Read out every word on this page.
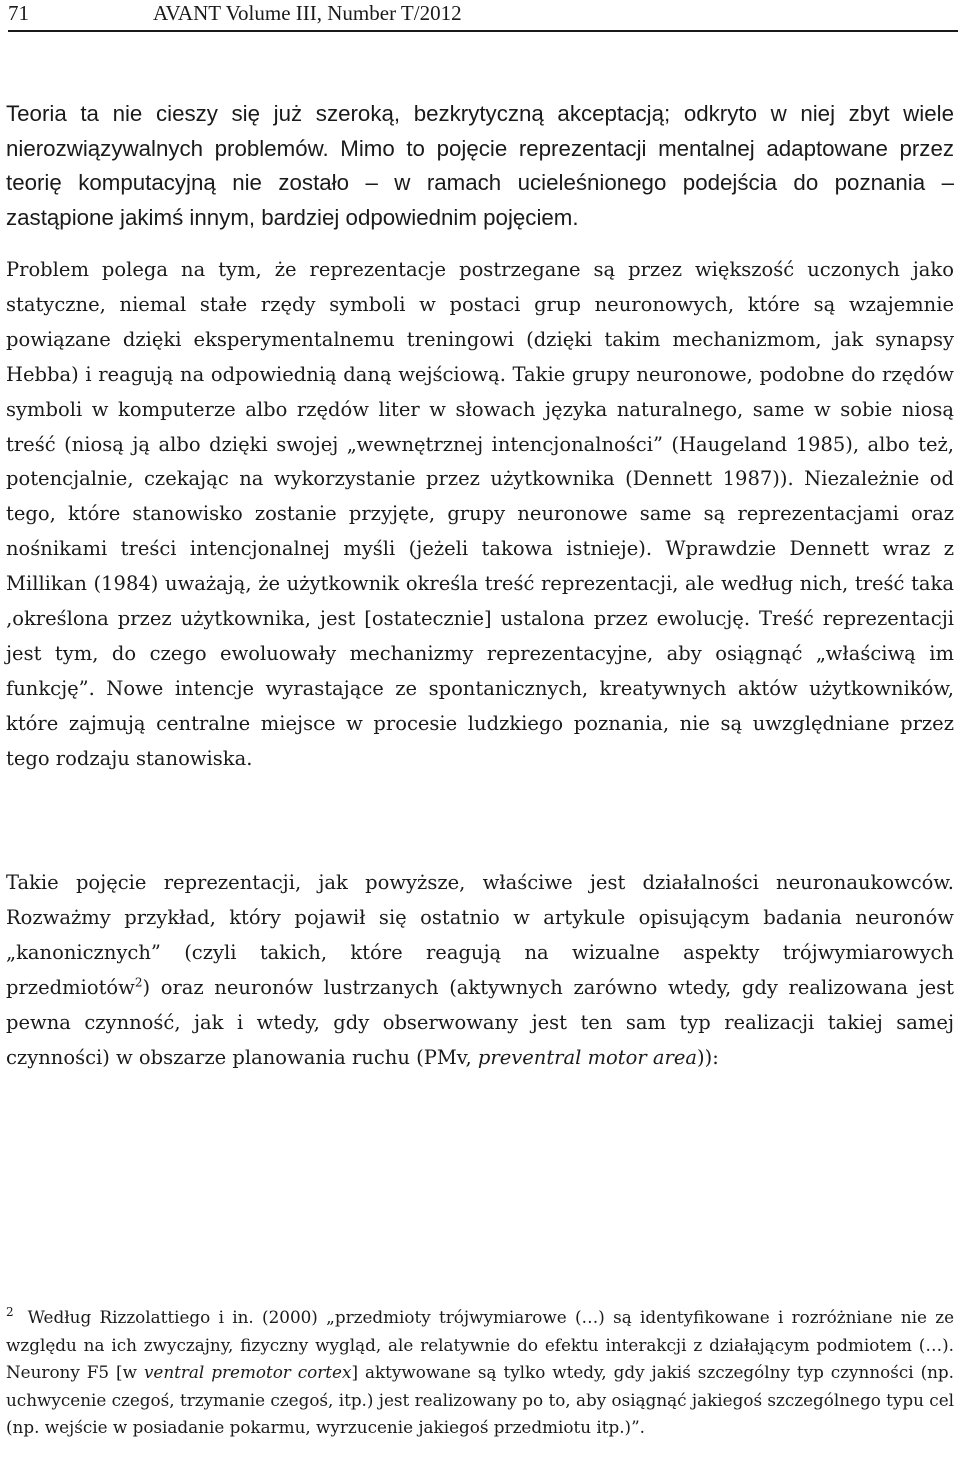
71	AVANT Volume III, Number T/2012

Teoria ta nie cieszy się już szeroką, bezkrytyczną akceptacją; odkryto w niej zbyt wiele nierozwiązywalnych problemów. Mimo to pojęcie reprezentacji mentalnej adaptowane przez teorię komputacyjną nie zostało – w ramach ucieleśnionego podejścia do poznania – zastąpione jakimś innym, bardziej odpowiednim pojęciem.

Problem polega na tym, że reprezentacje postrzegane są przez większość uczonych jako statyczne, niemal stałe rzędy symboli w postaci grup neuronowych, które są wzajemnie powiązane dzięki eksperymentalnemu treningowi (dzięki takim mechanizmom, jak synapsy Hebba) i reagują na odpowiednią daną wejściową. Takie grupy neuronowe, podobne do rzędów symboli w komputerze albo rzędów liter w słowach języka naturalnego, same w sobie niosą treść (niosą ją albo dzięki swojej „wewnętrznej intencjonalności” (Haugeland 1985), albo też, potencjalnie, czekając na wykorzystanie przez użytkownika (Dennett 1987)). Niezależnie od tego, które stanowisko zostanie przyjęte, grupy neuronowe same są reprezentacjami oraz nośnikami treści intencjonalnej myśli (jeżeli takowa istnieje). Wprawdzie Dennett wraz z Millikan (1984) uważają, że użytkownik określa treść reprezentacji, ale według nich, treść taka ‚określona przez użytkownika, jest [ostatecznie] ustalona przez ewolucję. Treść reprezentacji jest tym, do czego ewoluowały mechanizmy reprezentacyjne, aby osiągnąć „właściwą im funkcję”. Nowe intencje wyrastające ze spontanicznych, kreatywnych aktów użytkowników, które zajmują centralne miejsce w procesie ludzkiego poznania, nie są uwzględniane przez tego rodzaju stanowiska.

Takie pojęcie reprezentacji, jak powyższe, właściwe jest działalności neuronaukowców. Rozważmy przykład, który pojawił się ostatnio w artykule opisującym badania neuronów „kanonicznych” (czyli takich, które reagują na wizualne aspekty trójwymiarowych przedmiotów$^2$) oraz neuronów lustrzanych (aktywnych zarówno wtedy, gdy realizowana jest pewna czynność, jak i wtedy, gdy obserwowany jest ten sam typ realizacji takiej samej czynności) w obszarze planowania ruchu (PMv, preventral motor area)):

$^2$ Według Rizzolattiego i in. (2000) „przedmioty trójwymiarowe (…) są identyfikowane i rozróżniane nie ze względu na ich zwyczajny, fizyczny wygląd, ale relatywnie do efektu interakcji z działającym podmiotem (…). Neurony F5 [w ventral premotor cortex] aktywowane są tylko wtedy, gdy jakiś szczególny typ czynności (np. uchwycenie czegoś, trzymanie czegoś, itp.) jest realizowany po to, aby osiągnąć jakiegoś szczególnego typu cel (np. wejście w posiadanie pokarmu, wyrzucenie jakiegoś przedmiotu itp.)”.
